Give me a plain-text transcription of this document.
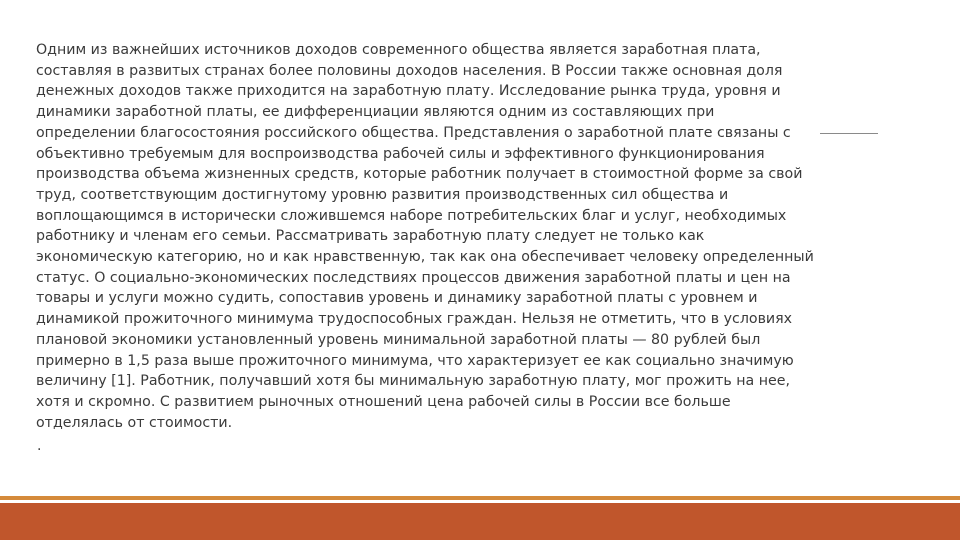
Одним из важнейших источников доходов современного общества является заработная плата,
составляя в развитых странах более половины доходов населения. В России также основная доля
денежных доходов также приходится на заработную плату. Исследование рынка труда, уровня и
динамики заработной платы, ее дифференциации являются одним из составляющих при
определении благосостояния российского общества. Представления о заработной плате связаны с
объективно требуемым для воспроизводства рабочей силы и эффективного функционирования
производства объема жизненных средств, которые работник получает в стоимостной форме за свой
труд, соответствующим достигнутому уровню развития производственных сил общества и
воплощающимся в исторически сложившемся наборе потребительских благ и услуг, необходимых
работнику и членам его семьи. Рассматривать заработную плату следует не только как
экономическую категорию, но и как нравственную, так как она обеспечивает человеку определенный
статус. О социально-экономических последствиях процессов движения заработной платы и цен на
товары и услуги можно судить, сопоставив уровень и динамику заработной платы с уровнем и
динамикой прожиточного минимума трудоспособных граждан. Нельзя не отметить, что в условиях
плановой экономики установленный уровень минимальной заработной платы — 80 рублей был
примерно в 1,5 раза выше прожиточного минимума, что характеризует ее как социально значимую
величину [1]. Работник, получавший хотя бы минимальную заработную плату, мог прожить на нее,
хотя и скромно. С развитием рыночных отношений цена рабочей силы в России все больше
отделялась от стоимости.
.
